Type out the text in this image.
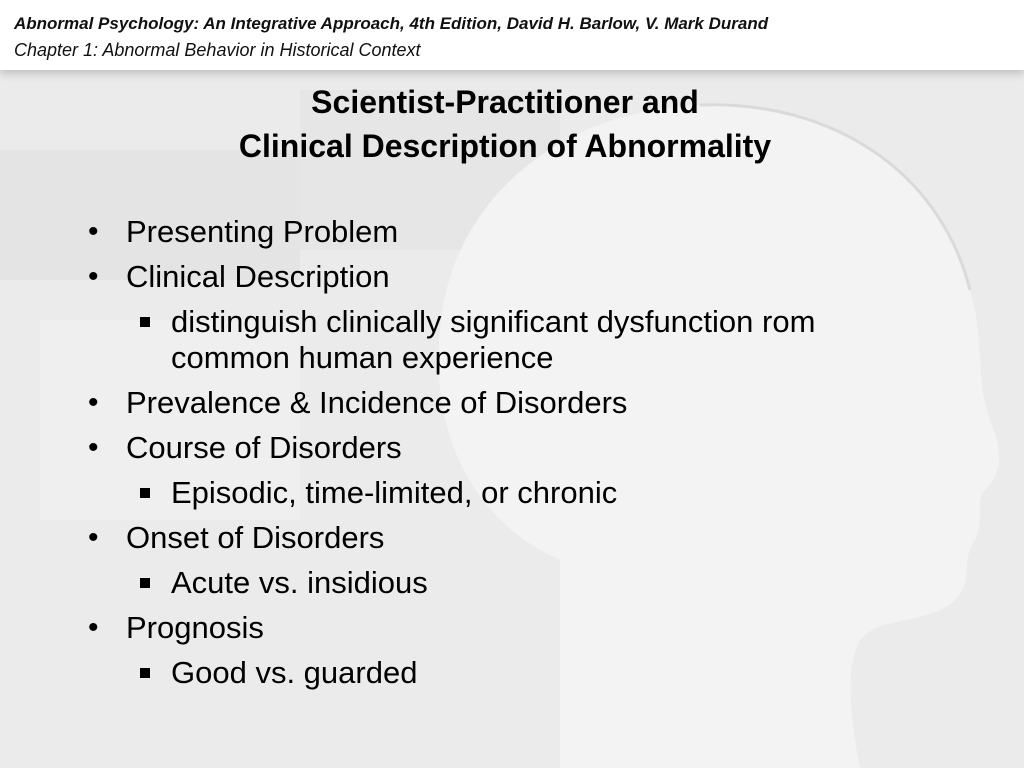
Abnormal Psychology: An Integrative Approach, 4th Edition, David H. Barlow, V. Mark Durand
Chapter 1: Abnormal Behavior in Historical Context
Scientist-Practitioner and
Clinical Description of Abnormality
• Presenting Problem
• Clinical Description
distinguish clinically significant dysfunction rom common human experience
• Prevalence & Incidence of Disorders
• Course of Disorders
Episodic, time-limited, or chronic
• Onset of Disorders
Acute vs. insidious
• Prognosis
Good vs. guarded
